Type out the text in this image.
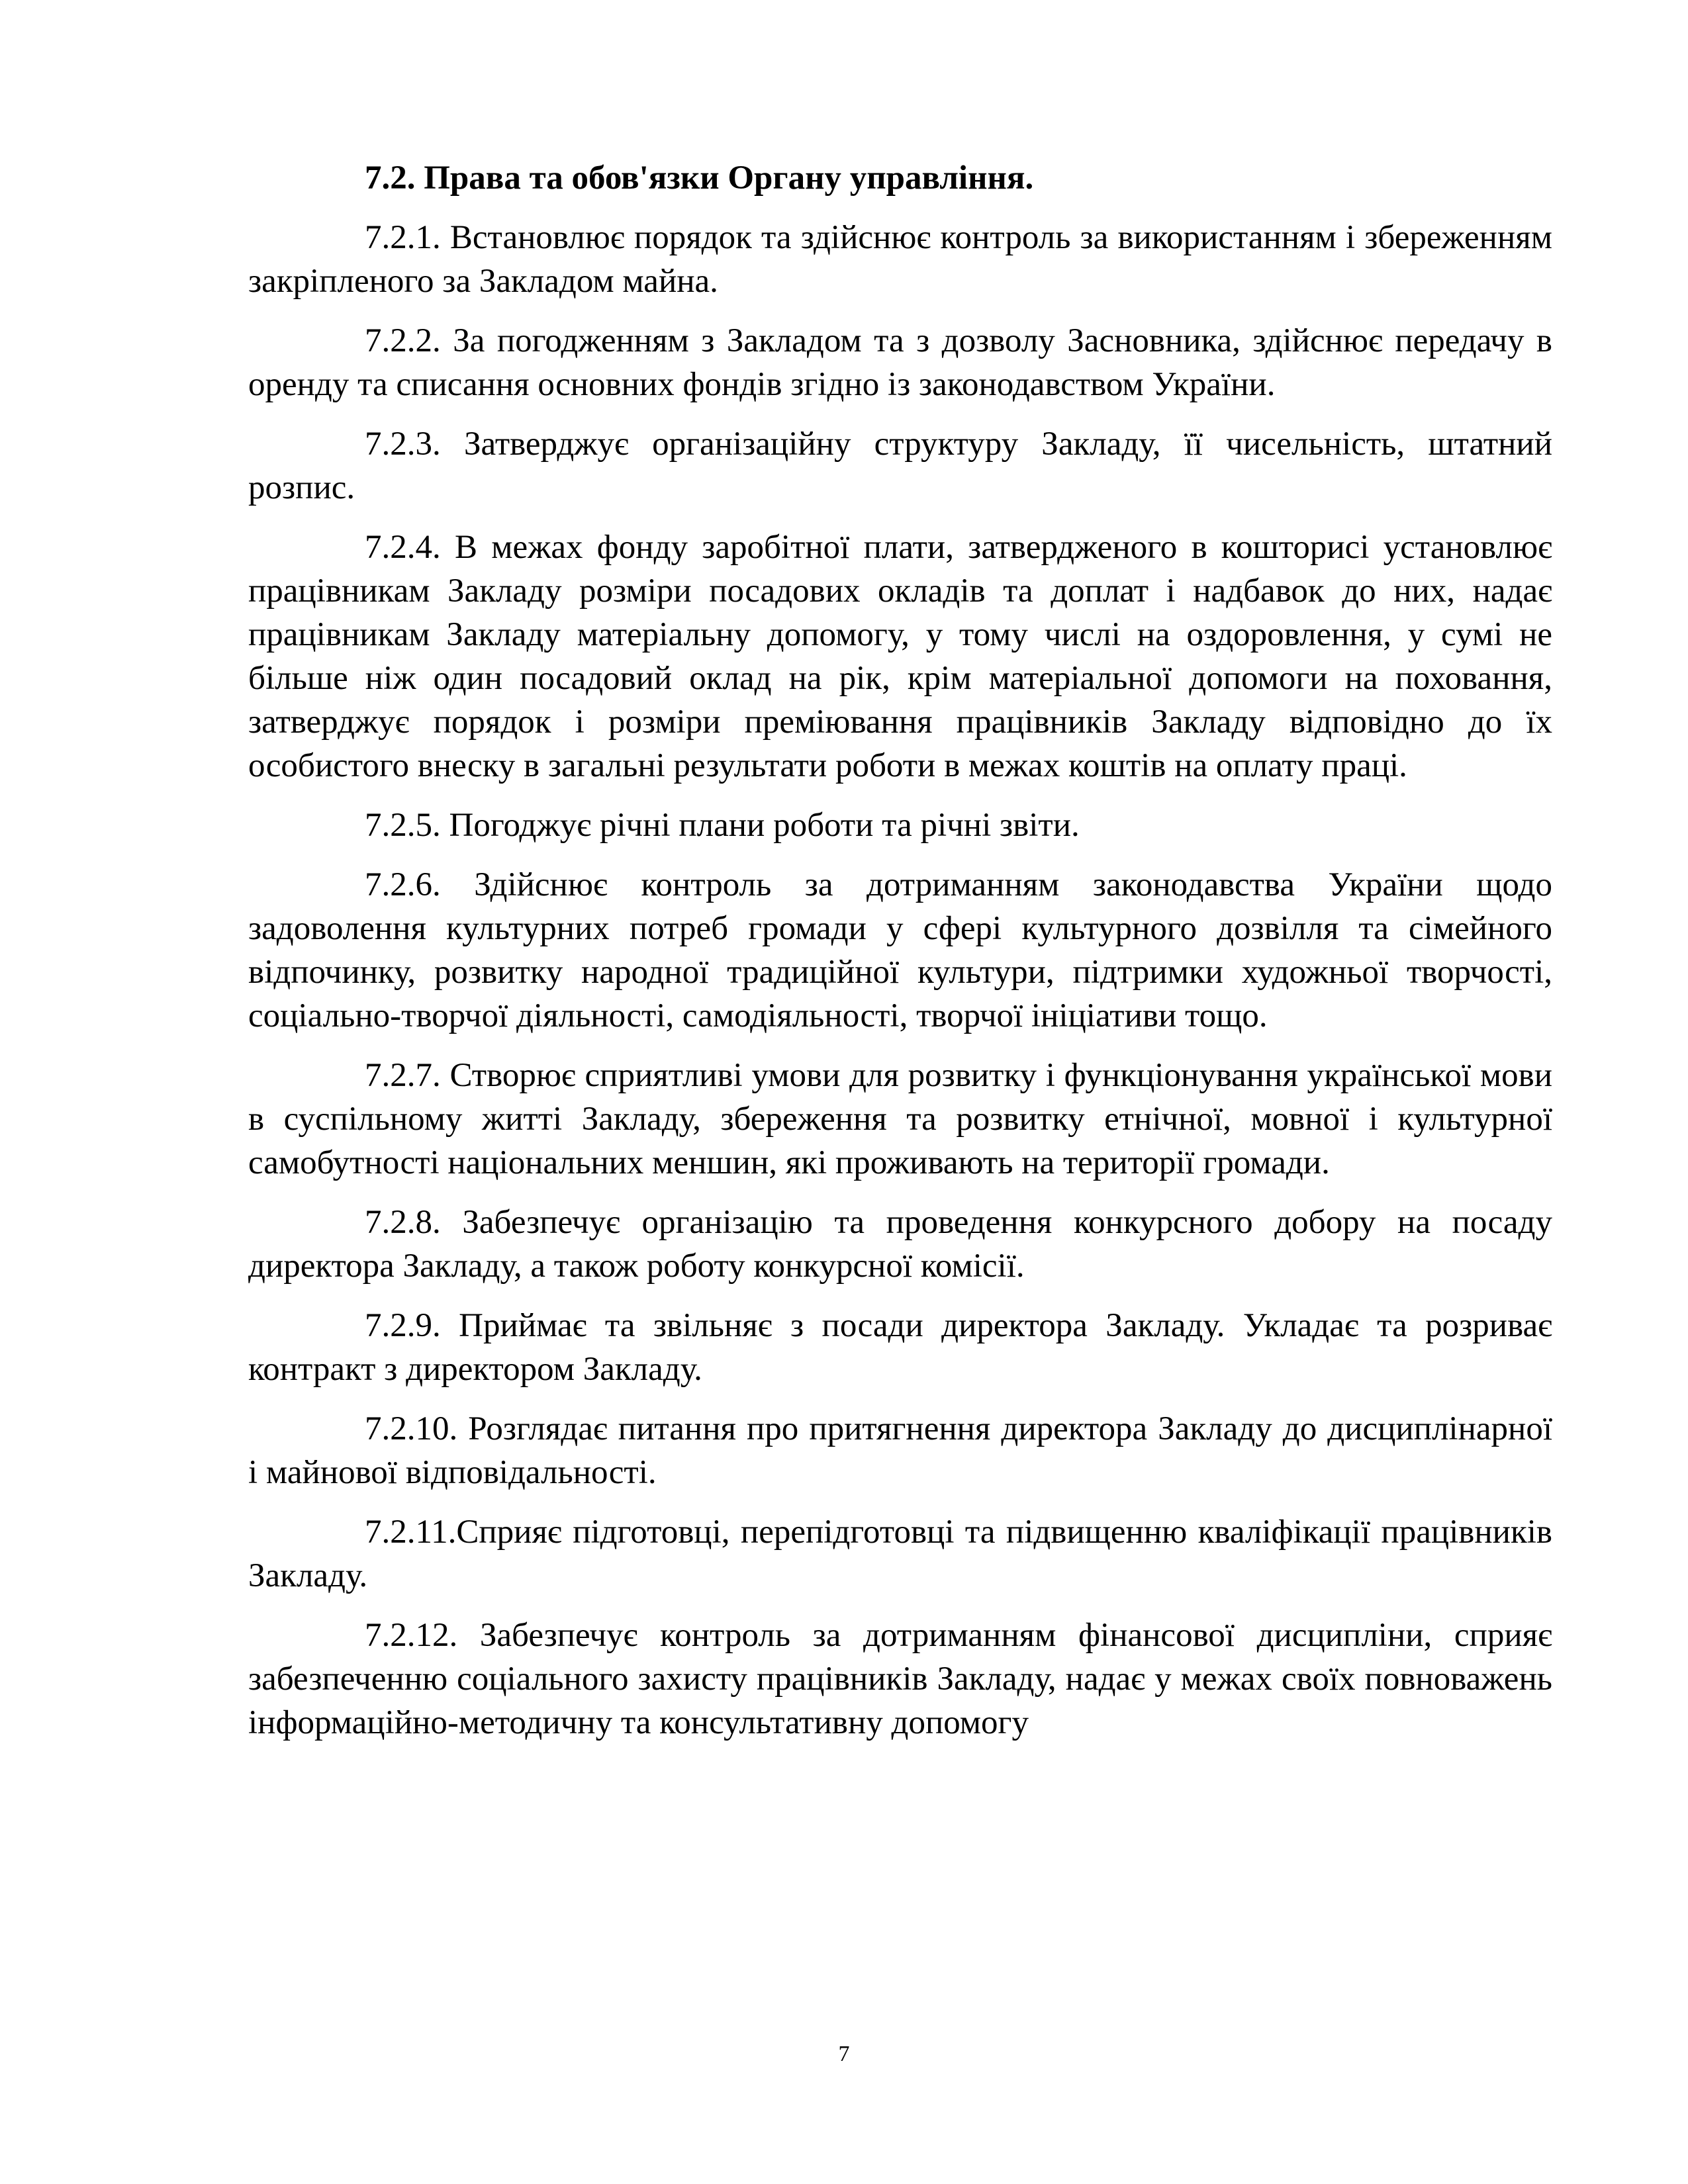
7.2. Права та обов'язки Органу управління.
7.2.1. Встановлює порядок та здійснює контроль за використанням і збереженням закріпленого за Закладом майна.
7.2.2. За погодженням з Закладом та з дозволу Засновника, здійснює передачу в оренду та списання основних фондів згідно із законодавством України.
7.2.3. Затверджує організаційну структуру Закладу, її чисельність, штатний розпис.
7.2.4. В межах фонду заробітної плати, затвердженого в кошторисі установлює працівникам Закладу розміри посадових окладів та доплат і надбавок до них, надає працівникам Закладу матеріальну допомогу, у тому числі на оздоровлення, у сумі не більше ніж один посадовий оклад на рік, крім матеріальної допомоги на поховання, затверджує порядок і розміри преміювання працівників Закладу відповідно до їх особистого внеску в загальні результати роботи в межах коштів на оплату праці.
7.2.5. Погоджує річні плани роботи та річні звіти.
7.2.6. Здійснює контроль за дотриманням законодавства України щодо задоволення культурних потреб громади у сфері культурного дозвілля та сімейного відпочинку, розвитку народної традиційної культури, підтримки художньої творчості, соціально-творчої діяльності, самодіяльності, творчої ініціативи тощо.
7.2.7. Створює сприятливі умови для розвитку і функціонування української мови в суспільному житті Закладу, збереження та розвитку етнічної, мовної і культурної самобутності національних меншин, які проживають на території громади.
7.2.8. Забезпечує організацію та проведення конкурсного добору на посаду директора Закладу, а також роботу конкурсної комісії.
7.2.9. Приймає та звільняє з посади директора Закладу. Укладає та розриває контракт з директором Закладу.
7.2.10. Розглядає питання про притягнення директора Закладу до дисциплінарної і майнової відповідальності.
7.2.11.Сприяє підготовці, перепідготовці та підвищенню кваліфікації працівників Закладу.
7.2.12. Забезпечує контроль за дотриманням фінансової дисципліни, сприяє забезпеченню соціального захисту працівників Закладу, надає у межах своїх повноважень інформаційно-методичну та консультативну допомогу
7
